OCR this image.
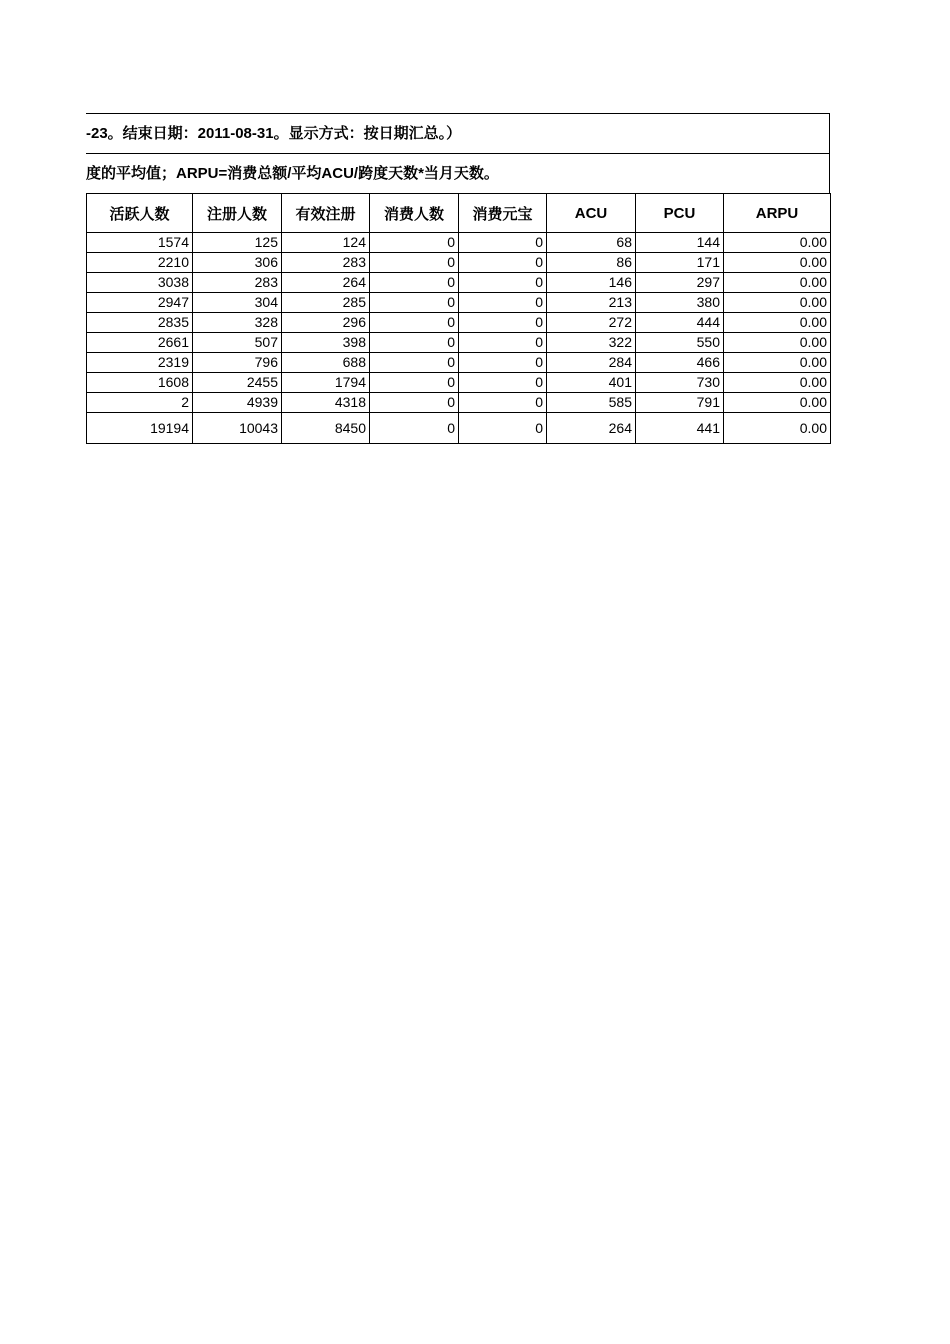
-23。结束日期：2011-08-31。显示方式：按日期汇总。）
度的平均值；ARPU=消费总额/平均ACU/跨度天数*当月天数。
活跃人数	注册人数	有效注册	消费人数	消费元宝	ACU	PCU	ARPU
1574	125	124	0	0	68	144	0.00
2210	306	283	0	0	86	171	0.00
3038	283	264	0	0	146	297	0.00
2947	304	285	0	0	213	380	0.00
2835	328	296	0	0	272	444	0.00
2661	507	398	0	0	322	550	0.00
2319	796	688	0	0	284	466	0.00
1608	2455	1794	0	0	401	730	0.00
2	4939	4318	0	0	585	791	0.00
19194	10043	8450	0	0	264	441	0.00
